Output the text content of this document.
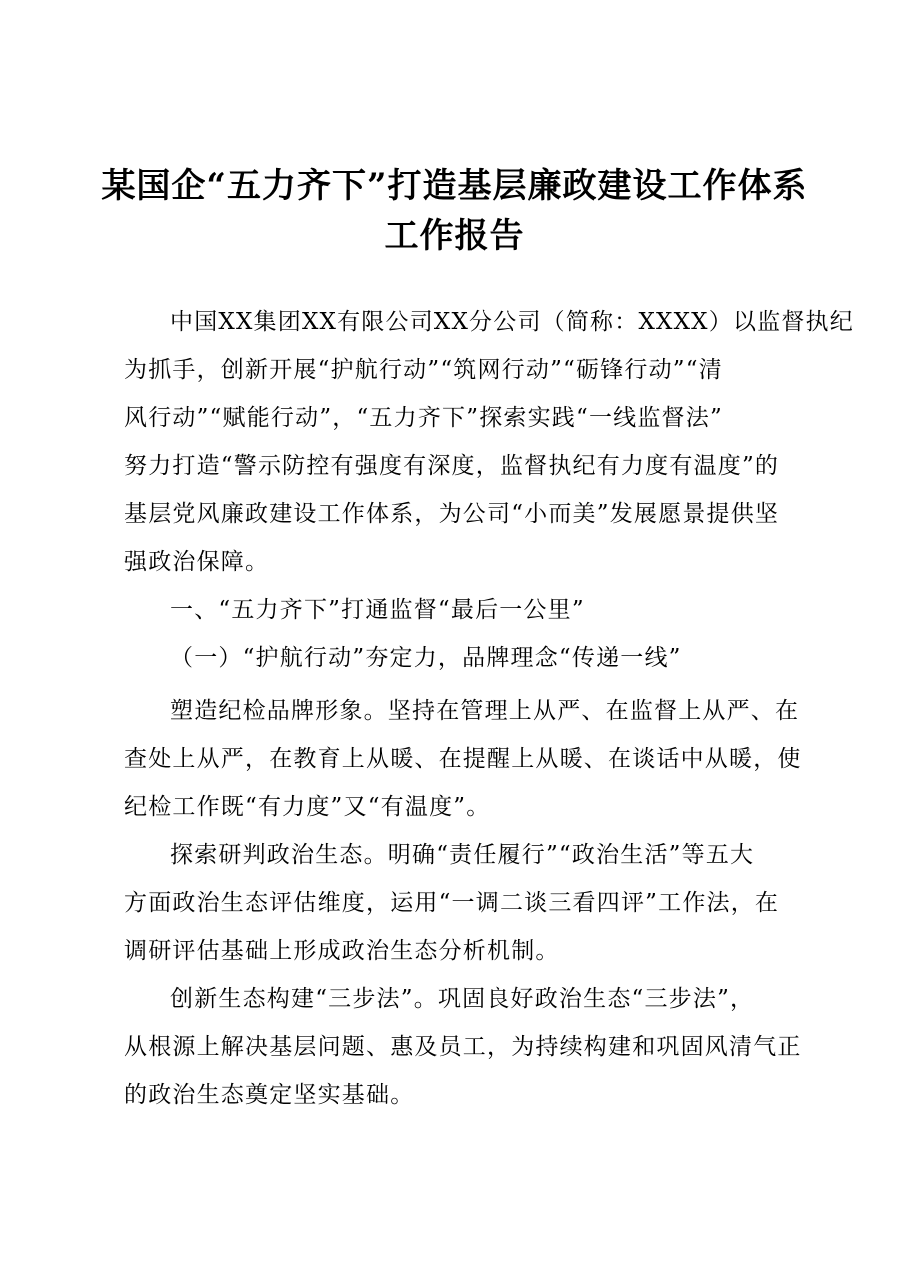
某国企“五力齐下”打造基层廉政建设工作体系
工作报告
中国XX集团XX有限公司XX分公司（简称：XXXX）以监督执纪
为抓手，创新开展“护航行动”“筑网行动”“砺锋行动”“清
风行动”“赋能行动”，“五力齐下”探索实践“一线监督法”
努力打造“警示防控有强度有深度，监督执纪有力度有温度”的
基层党风廉政建设工作体系，为公司“小而美”发展愿景提供坚
强政治保障。
一、“五力齐下”打通监督“最后一公里”
（一）“护航行动”夯定力，品牌理念“传递一线”
塑造纪检品牌形象。坚持在管理上从严、在监督上从严、在
查处上从严，在教育上从暖、在提醒上从暖、在谈话中从暖，使
纪检工作既“有力度”又“有温度”。
探索研判政治生态。明确“责任履行”“政治生活”等五大
方面政治生态评估维度，运用“一调二谈三看四评”工作法，在
调研评估基础上形成政治生态分析机制。
创新生态构建“三步法”。巩固良好政治生态“三步法”，
从根源上解决基层问题、惠及员工，为持续构建和巩固风清气正
的政治生态奠定坚实基础。
